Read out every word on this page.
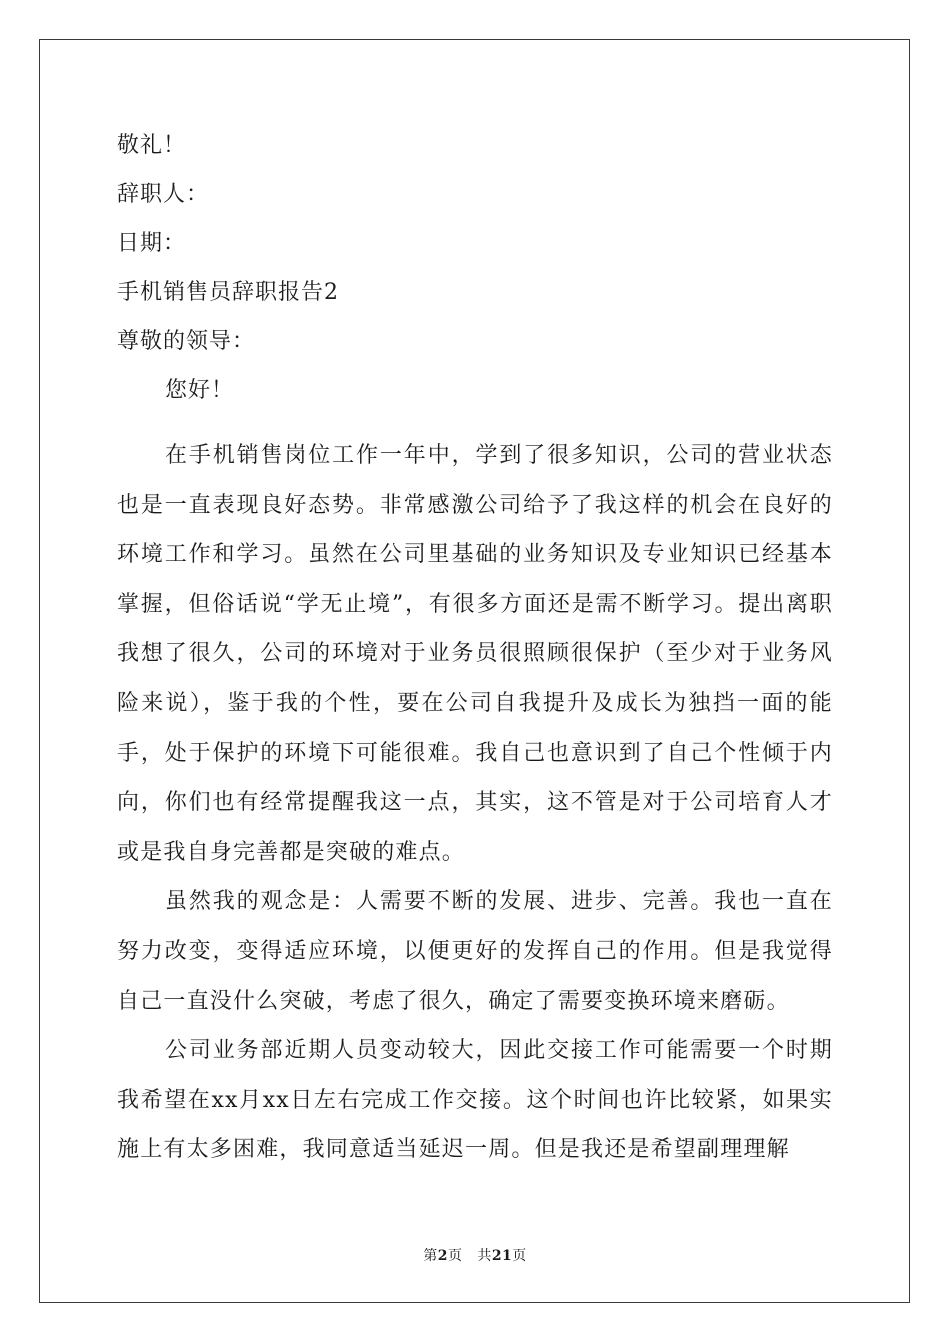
敬礼！
辞职人：
日期：
手机销售员辞职报告2
尊敬的领导：
您好！

在手机销售岗位工作一年中，学到了很多知识，公司的营业状态也是一直表现良好态势。非常感激公司给予了我这样的机会在良好的环境工作和学习。虽然在公司里基础的业务知识及专业知识已经基本掌握，但俗话说“学无止境”，有很多方面还是需不断学习。提出离职我想了很久，公司的环境对于业务员很照顾很保护（至少对于业务风险来说），鉴于我的个性，要在公司自我提升及成长为独挡一面的能手，处于保护的环境下可能很难。我自己也意识到了自己个性倾于内向，你们也有经常提醒我这一点，其实，这不管是对于公司培育人才或是我自身完善都是突破的难点。

虽然我的观念是：人需要不断的发展、进步、完善。我也一直在努力改变，变得适应环境，以便更好的发挥自己的作用。但是我觉得自己一直没什么突破，考虑了很久，确定了需要变换环境来磨砺。

公司业务部近期人员变动较大，因此交接工作可能需要一个时期我希望在xx月xx日左右完成工作交接。这个时间也许比较紧，如果实施上有太多困难，我同意适当延迟一周。但是我还是希望副理理解

第2页 共21页
